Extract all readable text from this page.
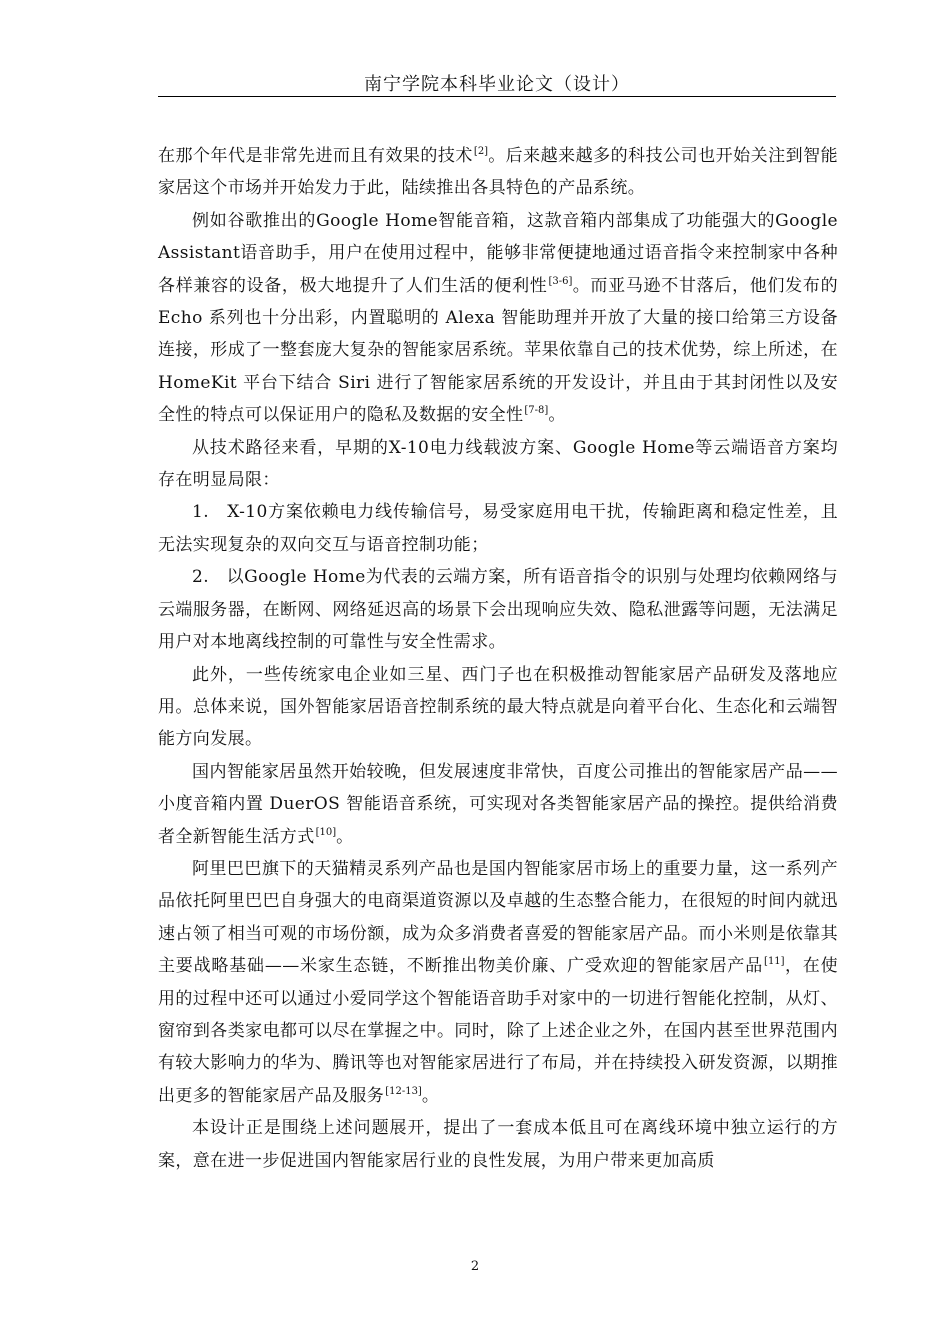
南宁学院本科毕业论文（设计）

在那个年代是非常先进而且有效果的技术[2]。后来越来越多的科技公司也开始关注到智能家居这个市场并开始发力于此，陆续推出各具特色的产品系统。

例如谷歌推出的Google Home智能音箱，这款音箱内部集成了功能强大的Google Assistant语音助手，用户在使用过程中，能够非常便捷地通过语音指令来控制家中各种各样兼容的设备，极大地提升了人们生活的便利性[3-6]。而亚马逊不甘落后，他们发布的 Echo 系列也十分出彩，内置聪明的 Alexa 智能助理并开放了大量的接口给第三方设备连接，形成了一整套庞大复杂的智能家居系统。苹果依靠自己的技术优势，综上所述，在 HomeKit 平台下结合 Siri 进行了智能家居系统的开发设计，并且由于其封闭性以及安全性的特点可以保证用户的隐私及数据的安全性[7-8]。

从技术路径来看，早期的X-10电力线载波方案、Google Home等云端语音方案均存在明显局限：

1.　X-10方案依赖电力线传输信号，易受家庭用电干扰，传输距离和稳定性差，且无法实现复杂的双向交互与语音控制功能；

2.　以Google Home为代表的云端方案，所有语音指令的识别与处理均依赖网络与云端服务器，在断网、网络延迟高的场景下会出现响应失效、隐私泄露等问题，无法满足用户对本地离线控制的可靠性与安全性需求。

此外，一些传统家电企业如三星、西门子也在积极推动智能家居产品研发及落地应用。总体来说，国外智能家居语音控制系统的最大特点就是向着平台化、生态化和云端智能方向发展。

国内智能家居虽然开始较晚，但发展速度非常快，百度公司推出的智能家居产品——小度音箱内置 DuerOS 智能语音系统，可实现对各类智能家居产品的操控。提供给消费者全新智能生活方式[10]。

阿里巴巴旗下的天猫精灵系列产品也是国内智能家居市场上的重要力量，这一系列产品依托阿里巴巴自身强大的电商渠道资源以及卓越的生态整合能力，在很短的时间内就迅速占领了相当可观的市场份额，成为众多消费者喜爱的智能家居产品。而小米则是依靠其主要战略基础——米家生态链，不断推出物美价廉、广受欢迎的智能家居产品[11]，在使用的过程中还可以通过小爱同学这个智能语音助手对家中的一切进行智能化控制，从灯、窗帘到各类家电都可以尽在掌握之中。同时，除了上述企业之外，在国内甚至世界范围内有较大影响力的华为、腾讯等也对智能家居进行了布局，并在持续投入研发资源，以期推出更多的智能家居产品及服务[12-13]。

本设计正是围绕上述问题展开，提出了一套成本低且可在离线环境中独立运行的方案，意在进一步促进国内智能家居行业的良性发展，为用户带来更加高质

2
